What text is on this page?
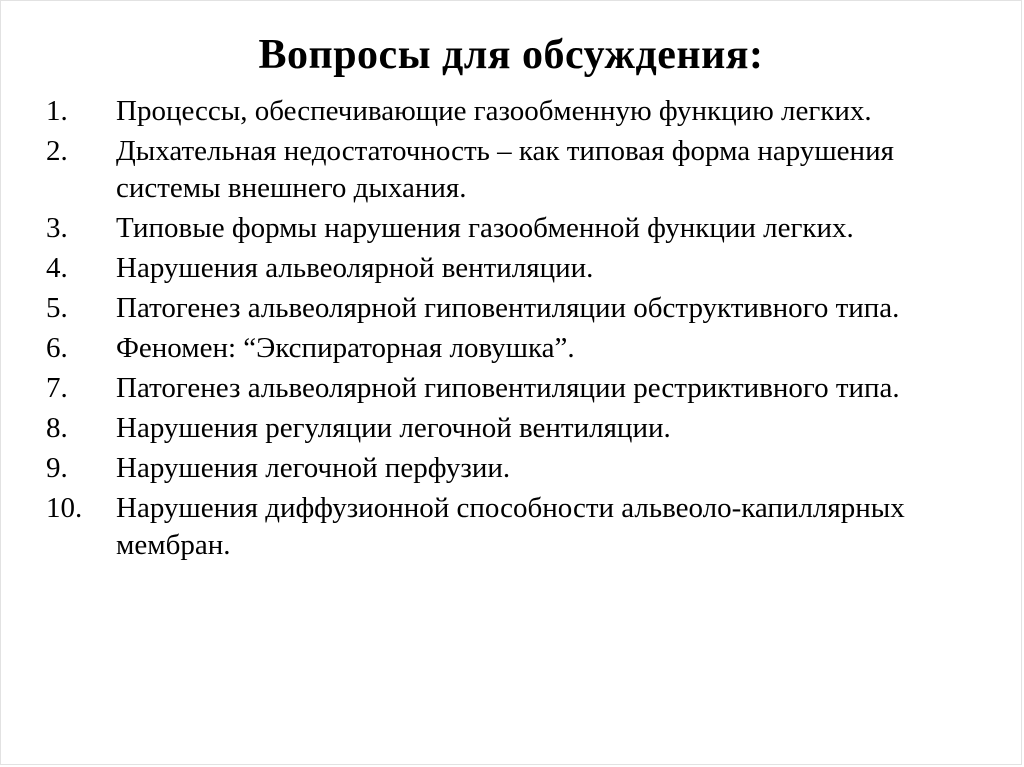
Вопросы для обсуждения:
1.	Процессы, обеспечивающие газообменную функцию легких.
2.	Дыхательная недостаточность – как типовая форма нарушения системы внешнего дыхания.
3.	Типовые формы нарушения газообменной функции легких.
4.	Нарушения альвеолярной вентиляции.
5.	Патогенез альвеолярной гиповентиляции обструктивного типа.
6.	Феномен: “Экспираторная ловушка”.
7.	Патогенез альвеолярной гиповентиляции рестриктивного типа.
8.	Нарушения регуляции легочной вентиляции.
9.	Нарушения легочной перфузии.
10.	Нарушения диффузионной способности альвеоло-капиллярных мембран.
